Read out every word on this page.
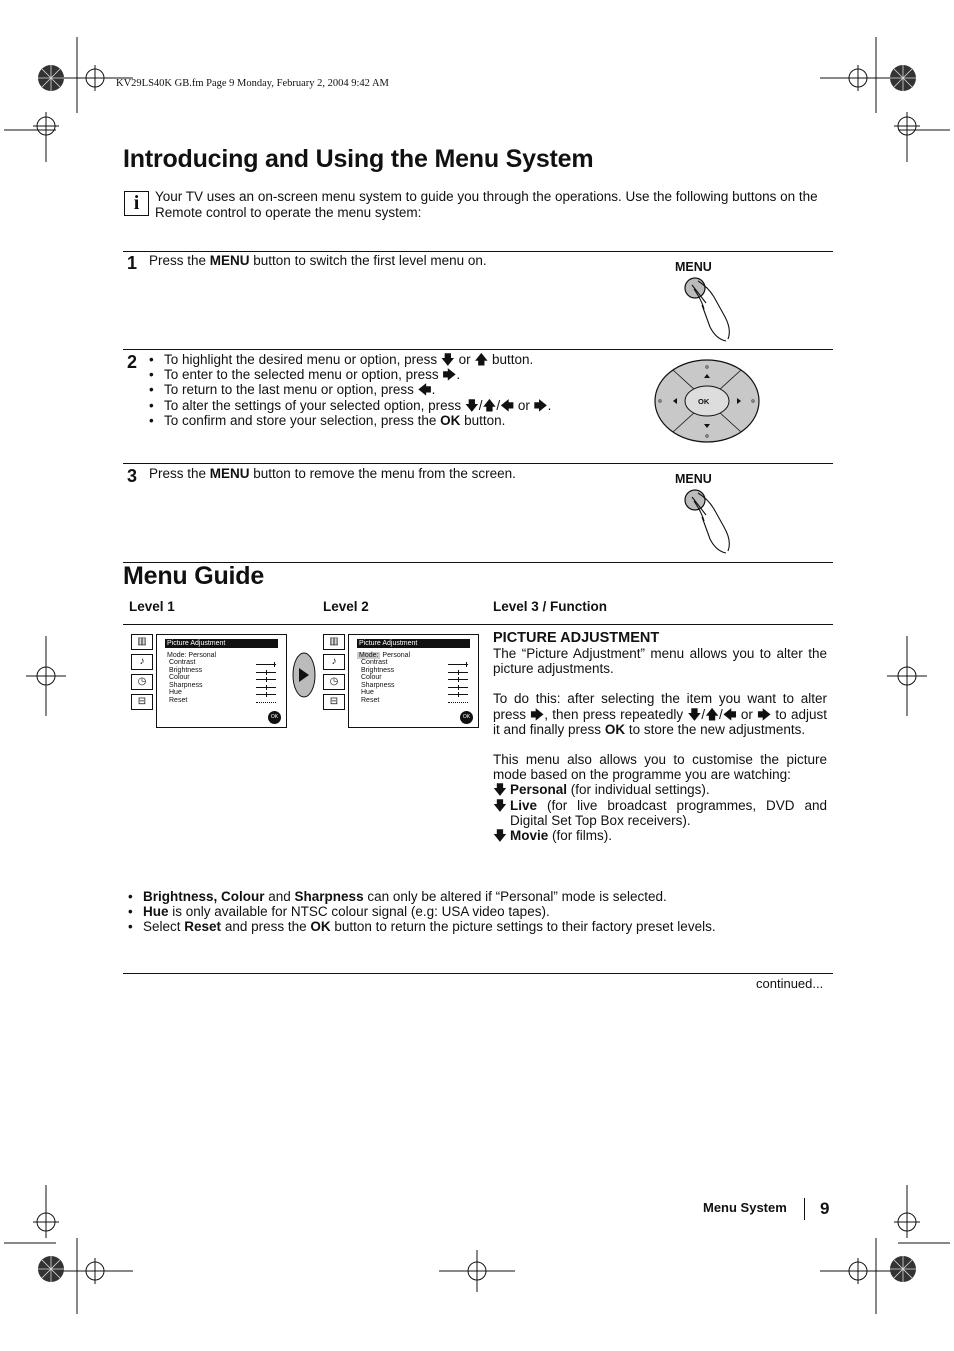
KV29LS40K GB.fm Page 9 Monday, February 2, 2004 9:42 AM
Introducing and Using the Menu System
i	Your TV uses an on-screen menu system to guide you through the operations. Use the following buttons on the Remote control to operate the menu system:
1 Press the MENU button to switch the first level menu on.	MENU
2
•	To highlight the desired menu or option, press 🡇 or 🡅 button.
• To enter to the selected menu or option, press 🡆.
• To return to the last menu or option, press 🡄.
• To alter the settings of your selected option, press 🡇/🡅/🡄 or 🡆.
• To confirm and store your selection, press the OK button.
OK
3 Press the MENU button to remove the menu from the screen.	MENU
Menu Guide
Level 1	Level 2	Level 3 / Function
▥
♪
◷
⊟
Picture Adjustment
Mode: Personal
Contrast
Brightness
Colour
Sharpness
Hue
Reset
OK
▥
♪
◷
⊟
Picture Adjustment
Mode: Personal
Contrast
Brightness
Colour
Sharpness
Hue
Reset
OK

PICTURE ADJUSTMENT

The “Picture Adjustment” menu allows you to alter the picture adjustments.

To do this: after selecting the item you want to alter press 🡆, then press repeatedly 🡇/🡅/🡄 or 🡆 to adjust it and finally press OK to store the new adjustments.

This menu also allows you to customise the picture mode based on the programme you are watching:

🡇 Personal (for individual settings).
🡇 Live (for live broadcast programmes, DVD and Digital Set Top Box receivers).
🡇 Movie (for films).
• Brightness, Colour and Sharpness can only be altered if “Personal” mode is selected.
• Hue is only available for NTSC colour signal (e.g: USA video tapes).
• Select Reset and press the OK button to return the picture settings to their factory preset levels.
continued...
Menu System 9
